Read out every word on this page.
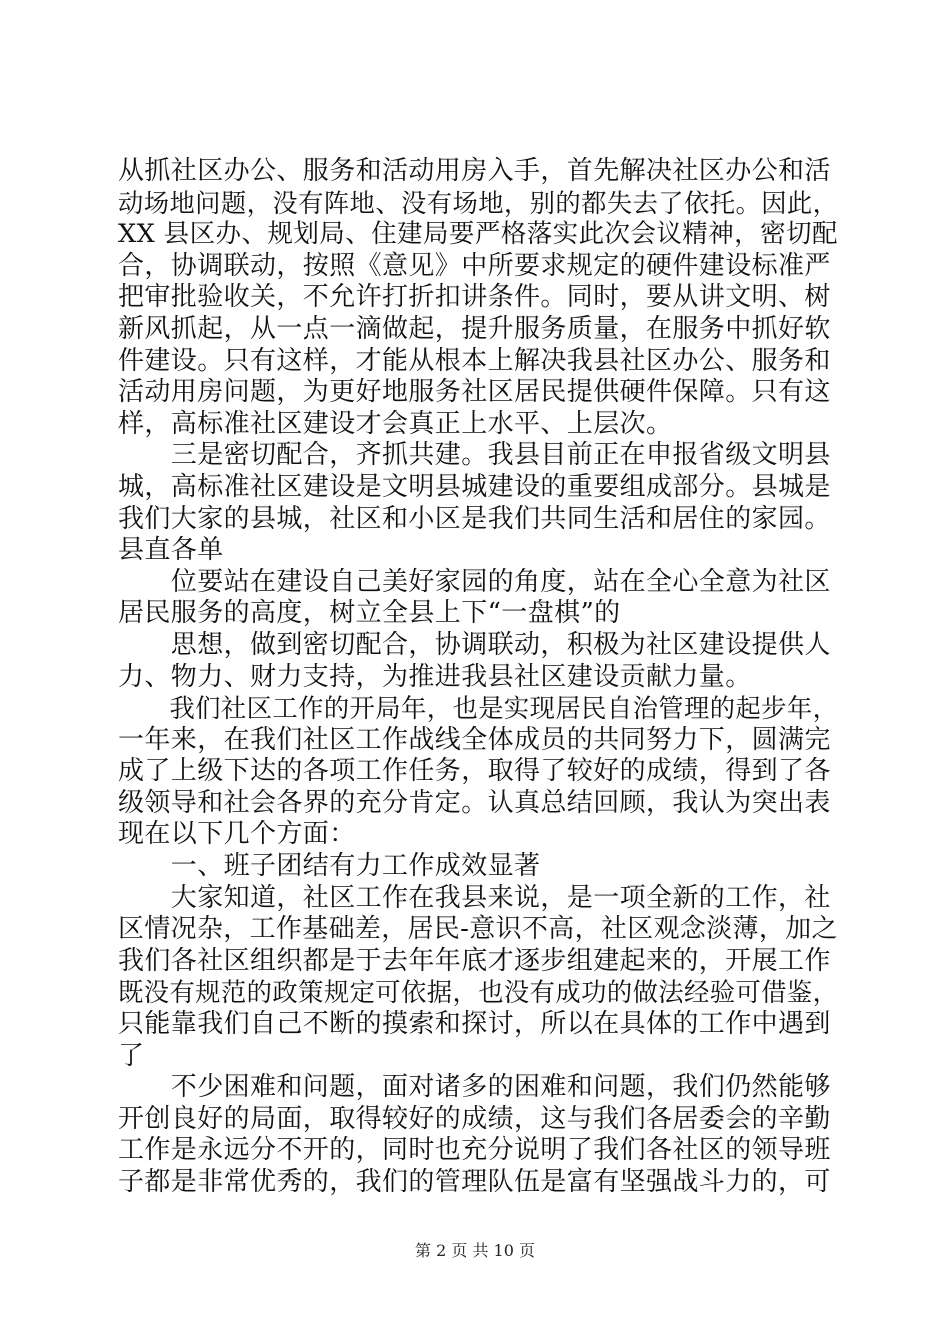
从抓社区办公、服务和活动用房入手，首先解决社区办公和活
动场地问题，没有阵地、没有场地，别的都失去了依托。因此，
XX 县区办、规划局、住建局要严格落实此次会议精神，密切配
合，协调联动，按照《意见》中所要求规定的硬件建设标准严
把审批验收关，不允许打折扣讲条件。同时，要从讲文明、树
新风抓起，从一点一滴做起，提升服务质量，在服务中抓好软
件建设。只有这样，才能从根本上解决我县社区办公、服务和
活动用房问题，为更好地服务社区居民提供硬件保障。只有这
样，高标准社区建设才会真正上水平、上层次。
　　三是密切配合，齐抓共建。我县目前正在申报省级文明县
城，高标准社区建设是文明县城建设的重要组成部分。县城是
我们大家的县城，社区和小区是我们共同生活和居住的家园。
县直各单
　　位要站在建设自己美好家园的角度，站在全心全意为社区
居民服务的高度，树立全县上下“一盘棋”的
　　思想，做到密切配合，协调联动，积极为社区建设提供人
力、物力、财力支持，为推进我县社区建设贡献力量。
　　我们社区工作的开局年，也是实现居民自治管理的起步年，
一年来，在我们社区工作战线全体成员的共同努力下，圆满完
成了上级下达的各项工作任务，取得了较好的成绩，得到了各
级领导和社会各界的充分肯定。认真总结回顾，我认为突出表
现在以下几个方面：
　　一、班子团结有力工作成效显著
　　大家知道，社区工作在我县来说，是一项全新的工作，社
区情况杂，工作基础差，居民-意识不高，社区观念淡薄，加之
我们各社区组织都是于去年年底才逐步组建起来的，开展工作
既没有规范的政策规定可依据，也没有成功的做法经验可借鉴，
只能靠我们自己不断的摸索和探讨，所以在具体的工作中遇到
了
　　不少困难和问题，面对诸多的困难和问题，我们仍然能够
开创良好的局面，取得较好的成绩，这与我们各居委会的辛勤
工作是永远分不开的，同时也充分说明了我们各社区的领导班
子都是非常优秀的，我们的管理队伍是富有坚强战斗力的，可
第 2 页 共 10 页
